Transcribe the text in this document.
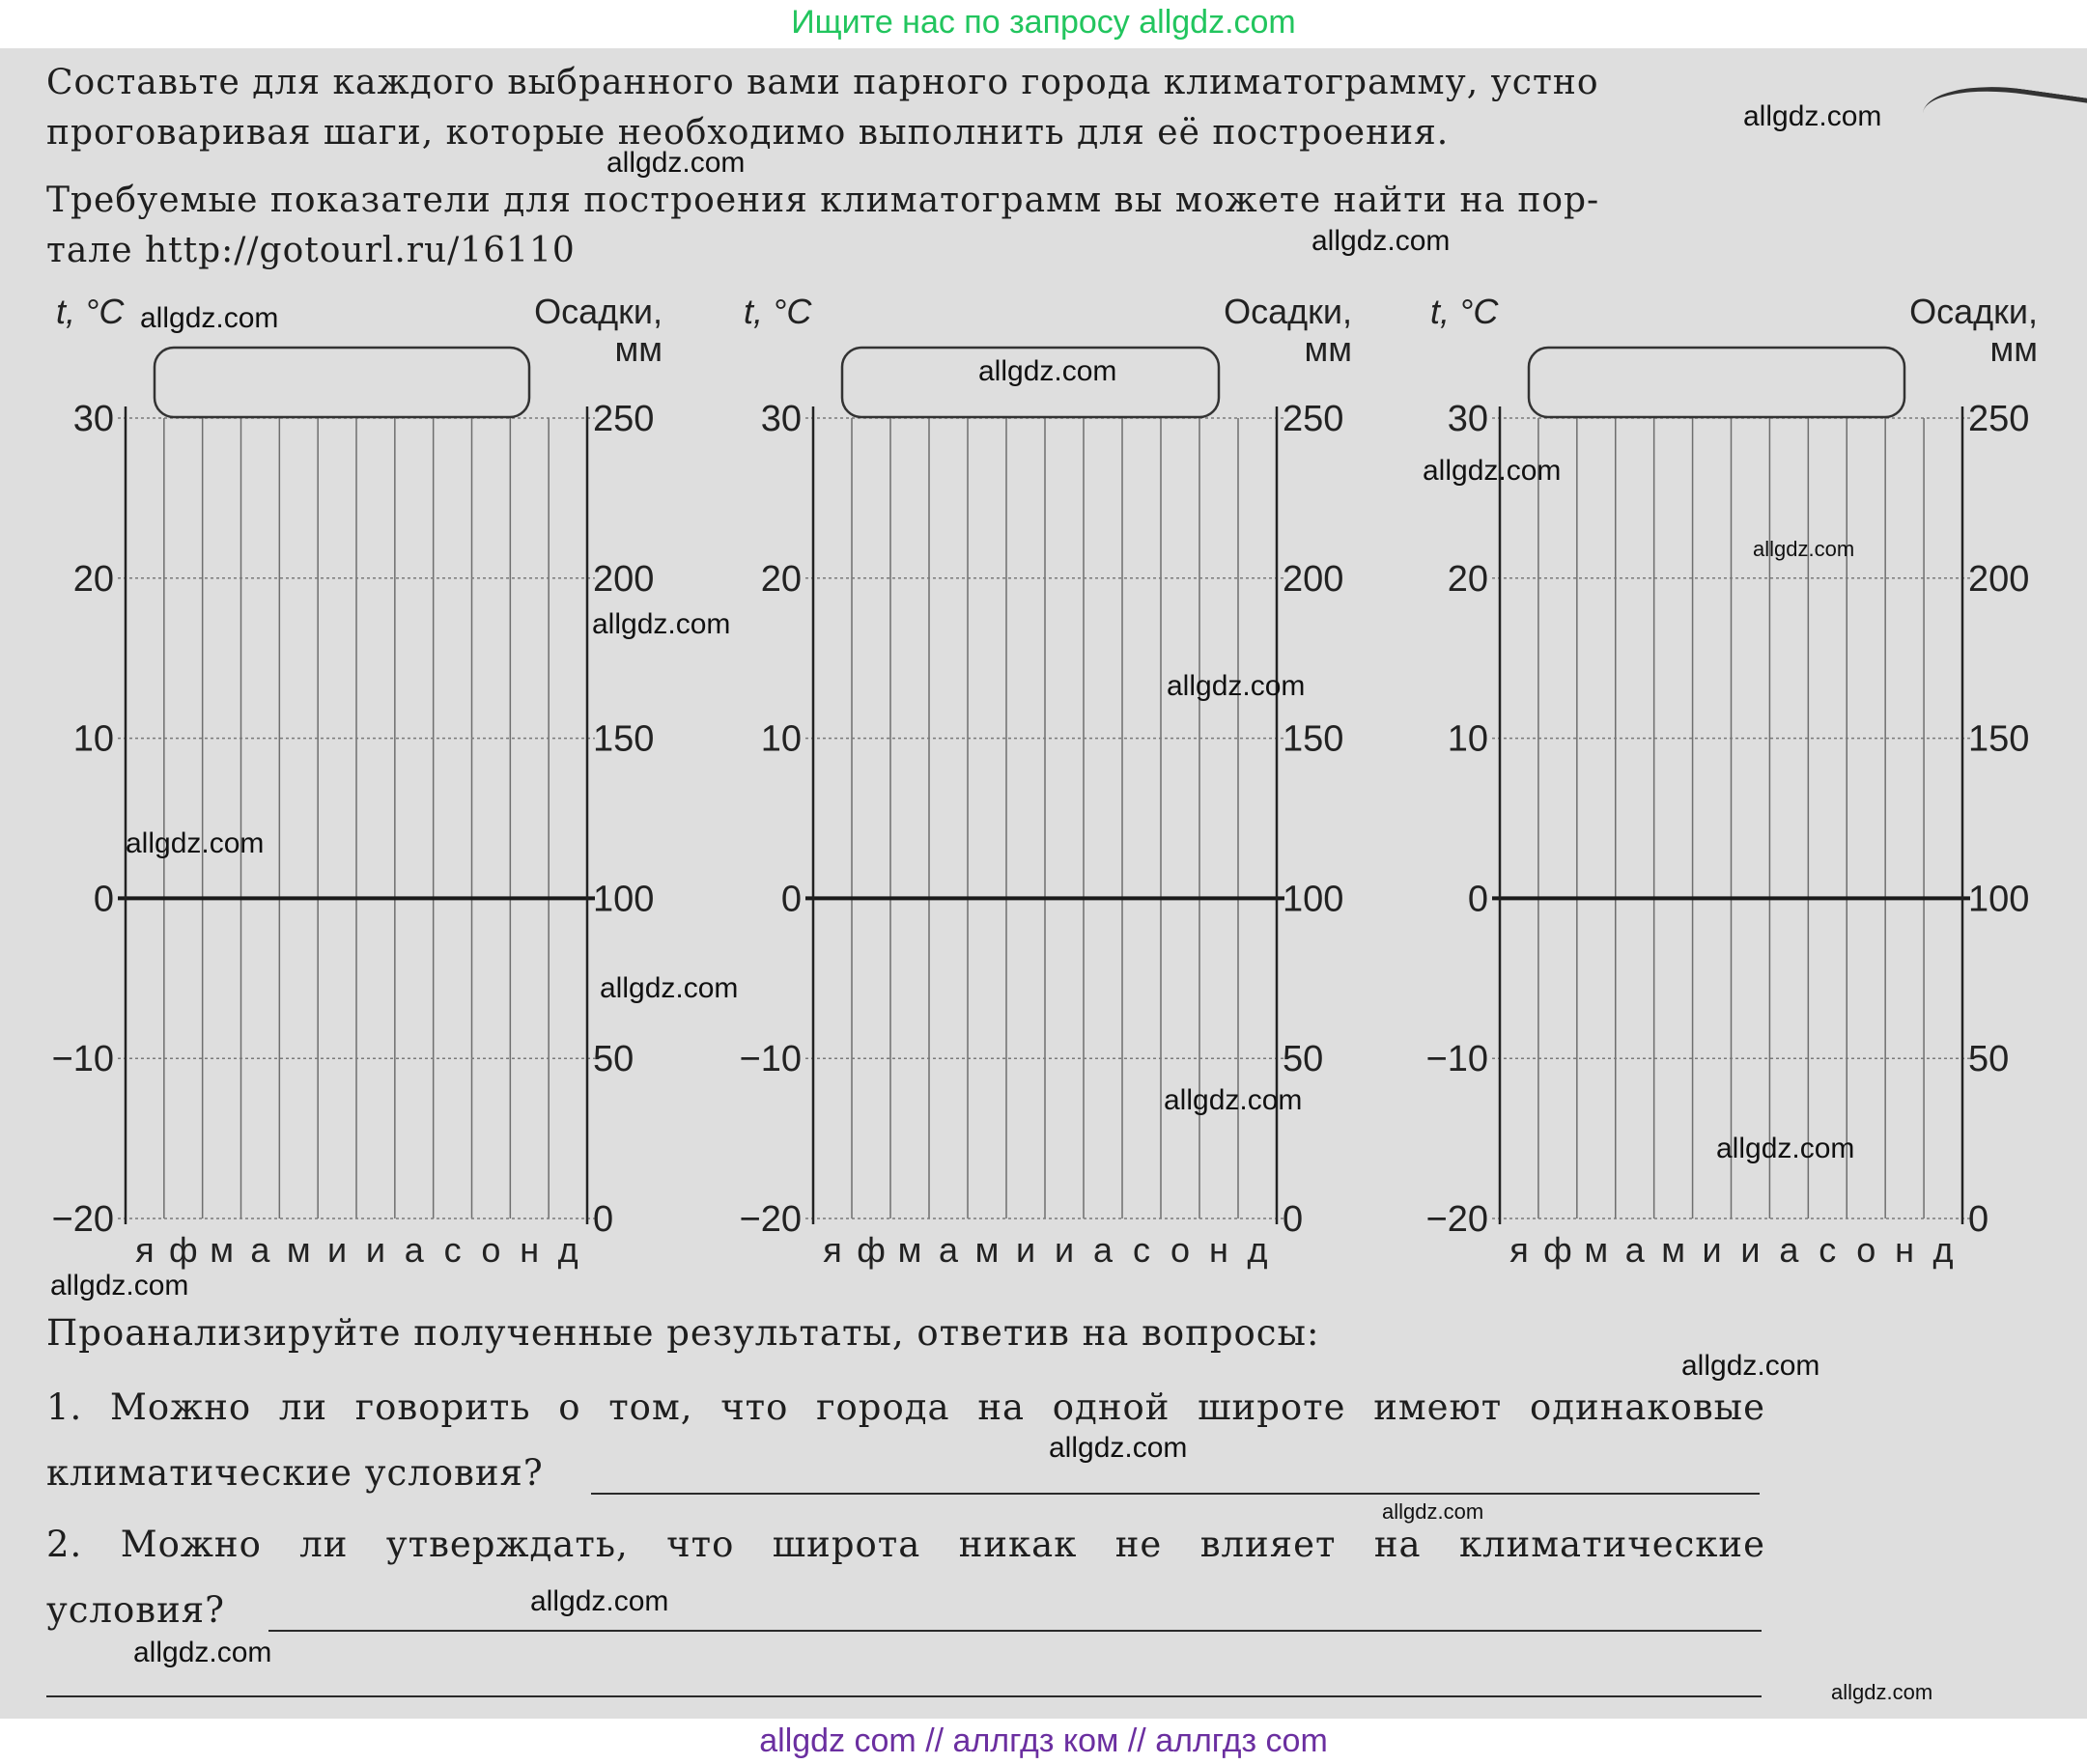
Ищите нас по запросу allgdz.com
Составьте для каждого выбранного вами парного города климатограмму, устно
проговаривая шаги, которые необходимо выполнить для её построения.
Требуемые показатели для построения климатограмм вы можете найти на пор-
тале http://gotourl.ru/16110
30	250
20	200
10	150
0	100
−10	50
−20	0
t, °C	Осадки,
мм
я ф м а м и и а с о н д
30	250
20	200
10	150
0	100
−10	50
−20	0
t, °C	Осадки,
мм
я ф м а м и и а с о н д
30	250
20	200
10	150
0	100
−10	50
−20	0
t, °C	Осадки,
мм
я ф м а м и и а с о н д
Проанализируйте полученные результаты, ответив на вопросы:
1. Можно ли говорить о том, что города на одной широте имеют одинаковые
климатические условия?
2. Можно ли утверждать, что широта никак не влияет на климатические
условия?
allgdz com // аллгдз ком // аллгдз com
allgdz.com
allgdz.com
allgdz.com
allgdz.com
allgdz.com
allgdz.com
allgdz.com
allgdz.com
allgdz.com
allgdz.com
allgdz.com
allgdz.com
allgdz.com
allgdz.com
allgdz.com
allgdz.com
allgdz.com
allgdz.com
allgdz.com
allgdz.com
